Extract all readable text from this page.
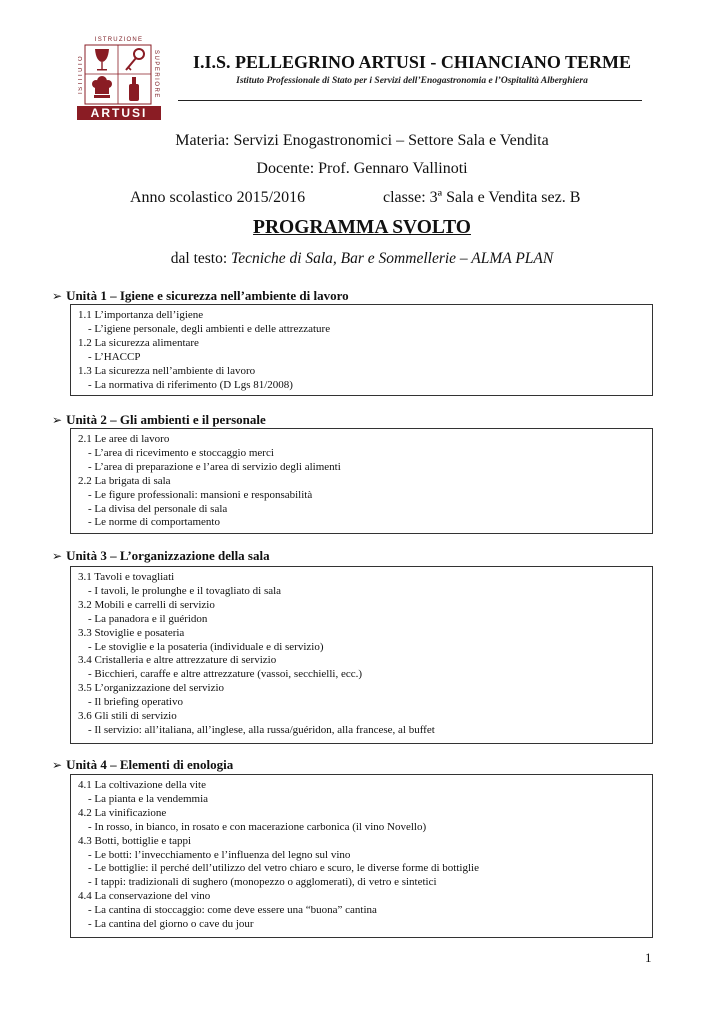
ISTRUZIONE
ISTITUTO	SUPERIORE
ARTUSI
I.I.S. PELLEGRINO ARTUSI - CHIANCIANO TERME
Istituto Professionale di Stato per i Servizi dell’Enogastronomia e l’Ospitalità Alberghiera
Materia: Servizi Enogastronomici – Settore Sala e Vendita
Docente: Prof. Gennaro Vallinoti
Anno scolastico 2015/2016	classe: 3ª Sala e Vendita sez. B
PROGRAMMA SVOLTO
dal testo: Tecniche di Sala, Bar e Sommellerie – ALMA PLAN
➢ Unità 1 – Igiene e sicurezza nell’ambiente di lavoro
1.1 L’importanza dell’igiene
- L’igiene personale, degli ambienti e delle attrezzature
1.2 La sicurezza alimentare
- L’HACCP
1.3 La sicurezza nell’ambiente di lavoro
- La normativa di riferimento (D Lgs 81/2008)
➢ Unità 2 – Gli ambienti e il personale
2.1 Le aree di lavoro
- L’area di ricevimento e stoccaggio merci
- L’area di preparazione e l’area di servizio degli alimenti
2.2 La brigata di sala
- Le figure professionali: mansioni e responsabilità
- La divisa del personale di sala
- Le norme di comportamento
➢ Unità 3 – L’organizzazione della sala
3.1 Tavoli e tovagliati
- I tavoli, le prolunghe e il tovagliato di sala
3.2 Mobili e carrelli di servizio
- La panadora e il guéridon
3.3 Stoviglie e posateria
- Le stoviglie e la posateria (individuale e di servizio)
3.4 Cristalleria e altre attrezzature di servizio
- Bicchieri, caraffe e altre attrezzature (vassoi, secchielli, ecc.)
3.5 L’organizzazione del servizio
- Il briefing operativo
3.6 Gli stili di servizio
- Il servizio: all’italiana, all’inglese, alla russa/guéridon, alla francese, al buffet
➢ Unità 4 – Elementi di enologia
4.1 La coltivazione della vite
- La pianta e la vendemmia
4.2 La vinificazione
- In rosso, in bianco, in rosato e con macerazione carbonica (il vino Novello)
4.3 Botti, bottiglie e tappi
- Le botti: l’invecchiamento e l’influenza del legno sul vino
- Le bottiglie: il perché dell’utilizzo del vetro chiaro e scuro, le diverse forme di bottiglie
- I tappi: tradizionali di sughero (monopezzo o agglomerati), di vetro e sintetici
4.4 La conservazione del vino
- La cantina di stoccaggio: come deve essere una “buona” cantina
- La cantina del giorno o cave du jour
1
